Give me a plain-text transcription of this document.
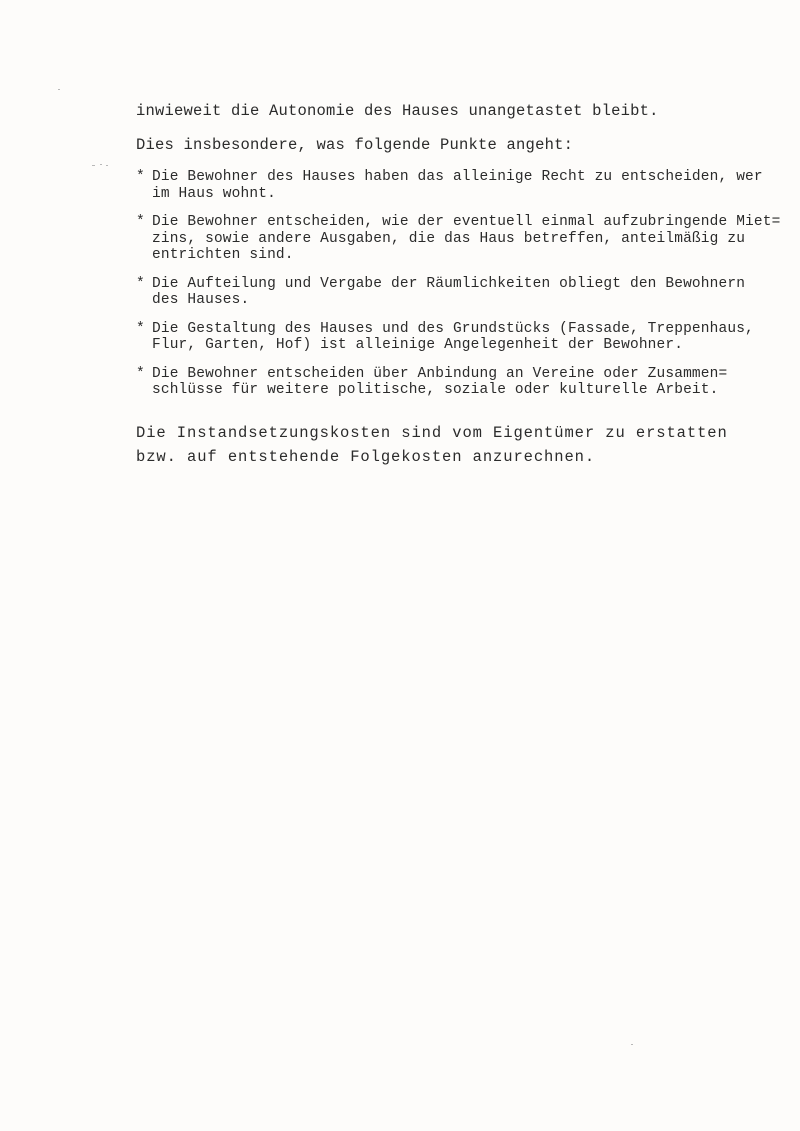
inwieweit die Autonomie des Hauses unangetastet bleibt.

Dies insbesondere, was folgende Punkte angeht:

* Die Bewohner des Hauses haben das alleinige Recht zu entscheiden, wer
im Haus wohnt.
* Die Bewohner entscheiden, wie der eventuell einmal aufzubringende Miet=
zins, sowie andere Ausgaben, die das Haus betreffen, anteilmäßig zu
entrichten sind.
* Die Aufteilung und Vergabe der Räumlichkeiten obliegt den Bewohnern
des Hauses.
* Die Gestaltung des Hauses und des Grundstücks (Fassade, Treppenhaus,
Flur, Garten, Hof) ist alleinige Angelegenheit der Bewohner.
* Die Bewohner entscheiden über Anbindung an Vereine oder Zusammen=
schlüsse für weitere politische, soziale oder kulturelle Arbeit.
Die Instandsetzungskosten sind vom Eigentümer zu erstatten
bzw. auf entstehende Folgekosten anzurechnen.
